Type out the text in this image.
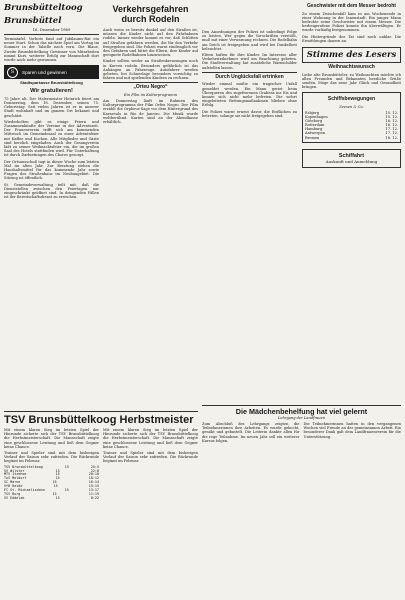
Brunsbütteltoog
Brunsbüttel
16. Dezember 1969

Termintafel. Vorbote fand auf Jubilaums-Rat ein neuer Start. Schon das nächste Spiel am Vortag im Sommer in der Tabelle nach vorn. Die Blaue, Zweite Brunsbüttelkoog Gewinner von Mitarbeiten nimmt Kurs, weiterer Erfolg zur Mannschaft dort wurde noch mehr gewonnen.

S	Sparen und gewinnen
Stadtsparkasse Brunsbüttelkoog
Wir gratulieren!

75 Jahre alt. Der Malermeister Heinrich feiert am Donnerstag, dem 18. Dezember, seinen 75. Geburtstag. Seit vielen Jahren ist er in unserer Stadt wohnhaft und im ganzen Ort bekannt und geschätzt.

Wiederholten gibt es einige Feiern und Zusammenkünfte der Vereine in der Adventszeit. Der Frauenverein trifft sich am kommenden Mittwoch im Gemeindesaal zu einer Adventsfeier mit Kaffee und Kuchen. Alle Mitglieder und Gäste sind herzlich eingeladen. Auch der Gesangverein lädt zu seiner Weihnachtsfeier ein, die im großen Saal des Hotels stattfinden wird. Für Unterhaltung ist durch Darbietungen des Chores gesorgt.

Der Ortsausschuß tagt in dieser Woche zum letzten Mal im alten Jahr. Zur Beratung stehen die Haushaltsmittel für das kommende Jahr sowie Fragen des Straßenbaus im Neubaugebiet. Die Sitzung ist öffentlich.

St. Gemeindeverwaltung teilt mit, daß die Dienststellen zwischen den Feiertagen nur eingeschränkt geöffnet sind. In dringenden Fällen ist der Bereitschaftsdienst zu erreichen.

Verkehrsgefahren
durch Rodeln

Auch wenn es bereits dunkel auf den Straßen ist, müssen die Kinder nicht auf den Fahrbahnen rodeln. Immer wieder kommt es vor, daß Schlitten auf Straßen gefahren werden, die für den Verkehr freigegeben sind. Die Polizei warnt eindringlich vor den Gefahren und bittet die Eltern, ihre Kinder auf geeignete Rodelbahnen hinzuweisen.

Kinder sollten weder an Straßenkreuzungen noch in Kurven rodeln. Besonders gefährlich ist das Anhängen an Fahrzeuge. Autofahrer werden gebeten, bei Schneelage besonders vorsichtig zu fahren und mit spielenden Kindern zu rechnen.

„Orteu Negro“
Ein Film im Kulturprogramm

Am Donnerstag läuft im Rahmen des Kulturprogramms der Film Orfeu Negro. Der Film erzählt die Orpheus-Sage vor dem Hintergrund des Karnevals in Rio de Janeiro. Die Musik wurde weltberühmt. Karten sind an der Abendkasse erhältlich.

Den Anordnungen der Polizei ist unbedingt Folge zu leisten. Wer gegen die Vorschriften verstößt, muß mit einer Verwarnung rechnen. Die Rodelbahn am Deich ist freigegeben und wird bei Dunkelheit beleuchtet.

Eltern haften für ihre Kinder. Im Interesse aller Verkehrsteilnehmer wird um Beachtung gebeten. Die Stadtverwaltung hat zusätzliche Warnschilder aufstellen lassen.

Durch Unglücksfall ertrinken

Wieder einmal mußte ein tragischer Unfall gemeldet werden. Ein Mann geriet beim Überqueren des zugefrorenen Grabens ins Eis und konnte sich nicht mehr befreien. Die sofort eingeleiteten Rettungsmaßnahmen blieben ohne Erfolg.

Die Polizei warnt erneut davor, die Eisflächen zu betreten, solange sie nicht freigegeben sind.

Geschwister mit dem Messer bedroht

Zu einem Zwischenfall kam es am Wochenende in einer Wohnung in der Innenstadt. Ein junger Mann bedrohte seine Geschwister mit einem Messer. Die herbeigerufene Polizei konnte ihn überwältigen. Er wurde vorläufig festgenommen.

Die Hintergründe der Tat sind noch unklar. Die Ermittlungen dauern an.

Stimme des Lesers
Weihnachtswunsch

Liebe alte Brunsbütteler, zu Weihnachten möchte ich allen Freunden und Bekannten herzliche Grüße senden. Möge das neue Jahr Glück und Gesundheit bringen.

Schiffsbewegungen
Zeesen & Co.
Esbjerg	15. 12.
Kopenhagen	15. 12.
Göteborg	16. 12.
Rotterdam	16. 12.
Hamburg	17. 12.
Antwerpen	17. 12.
Bremen	18. 12.
Schiffahrt
Auskunft und Anmeldung
Die Mädchenbehelfung hat viel gelernt
Lehrgang der Landfrauen

Zum Abschluß des Lehrgangs zeigten die Teilnehmerinnen ihre Arbeiten. Es wurde gekocht, genäht und gebastelt. Die Leiterin dankte allen für die rege Teilnahme. Im neuen Jahr soll ein weiterer Kursus folgen.

Die Teilnehmerinnen hatten in den vergangenen Wochen viel Freude an der gemeinsamen Arbeit. Ein besonderer Dank galt dem Landfrauenverein für die Unterstützung.

TSV Brunsbüttelkoog Herbstmeister

Mit einem klaren Sieg im letzten Spiel der Hinrunde sicherte sich der TSV Brunsbüttelkoog die Herbstmeisterschaft. Die Mannschaft zeigte eine geschlossene Leistung und ließ dem Gegner keine Chance.

Trainer und Spieler sind mit dem bisherigen Verlauf der Saison sehr zufrieden. Die Rückrunde beginnt im Februar.

TSV Brunsbüttelkoog	15	25:5
SV Wilster	15	22:8
MTV Itzehoe	15	20:10
TuS Meldorf	15	18:12
SC Marne	15	16:14
VfB Heide	15	15:15
FC St. Michaelisdonn	15	13:17
TSV Burg	15	11:19
SV Eddelak	15	8:22

Mit einem klaren Sieg im letzten Spiel der Hinrunde sicherte sich der TSV Brunsbüttelkoog die Herbstmeisterschaft. Die Mannschaft zeigte eine geschlossene Leistung und ließ dem Gegner keine Chance.

Trainer und Spieler sind mit dem bisherigen Verlauf der Saison sehr zufrieden. Die Rückrunde beginnt im Februar.
